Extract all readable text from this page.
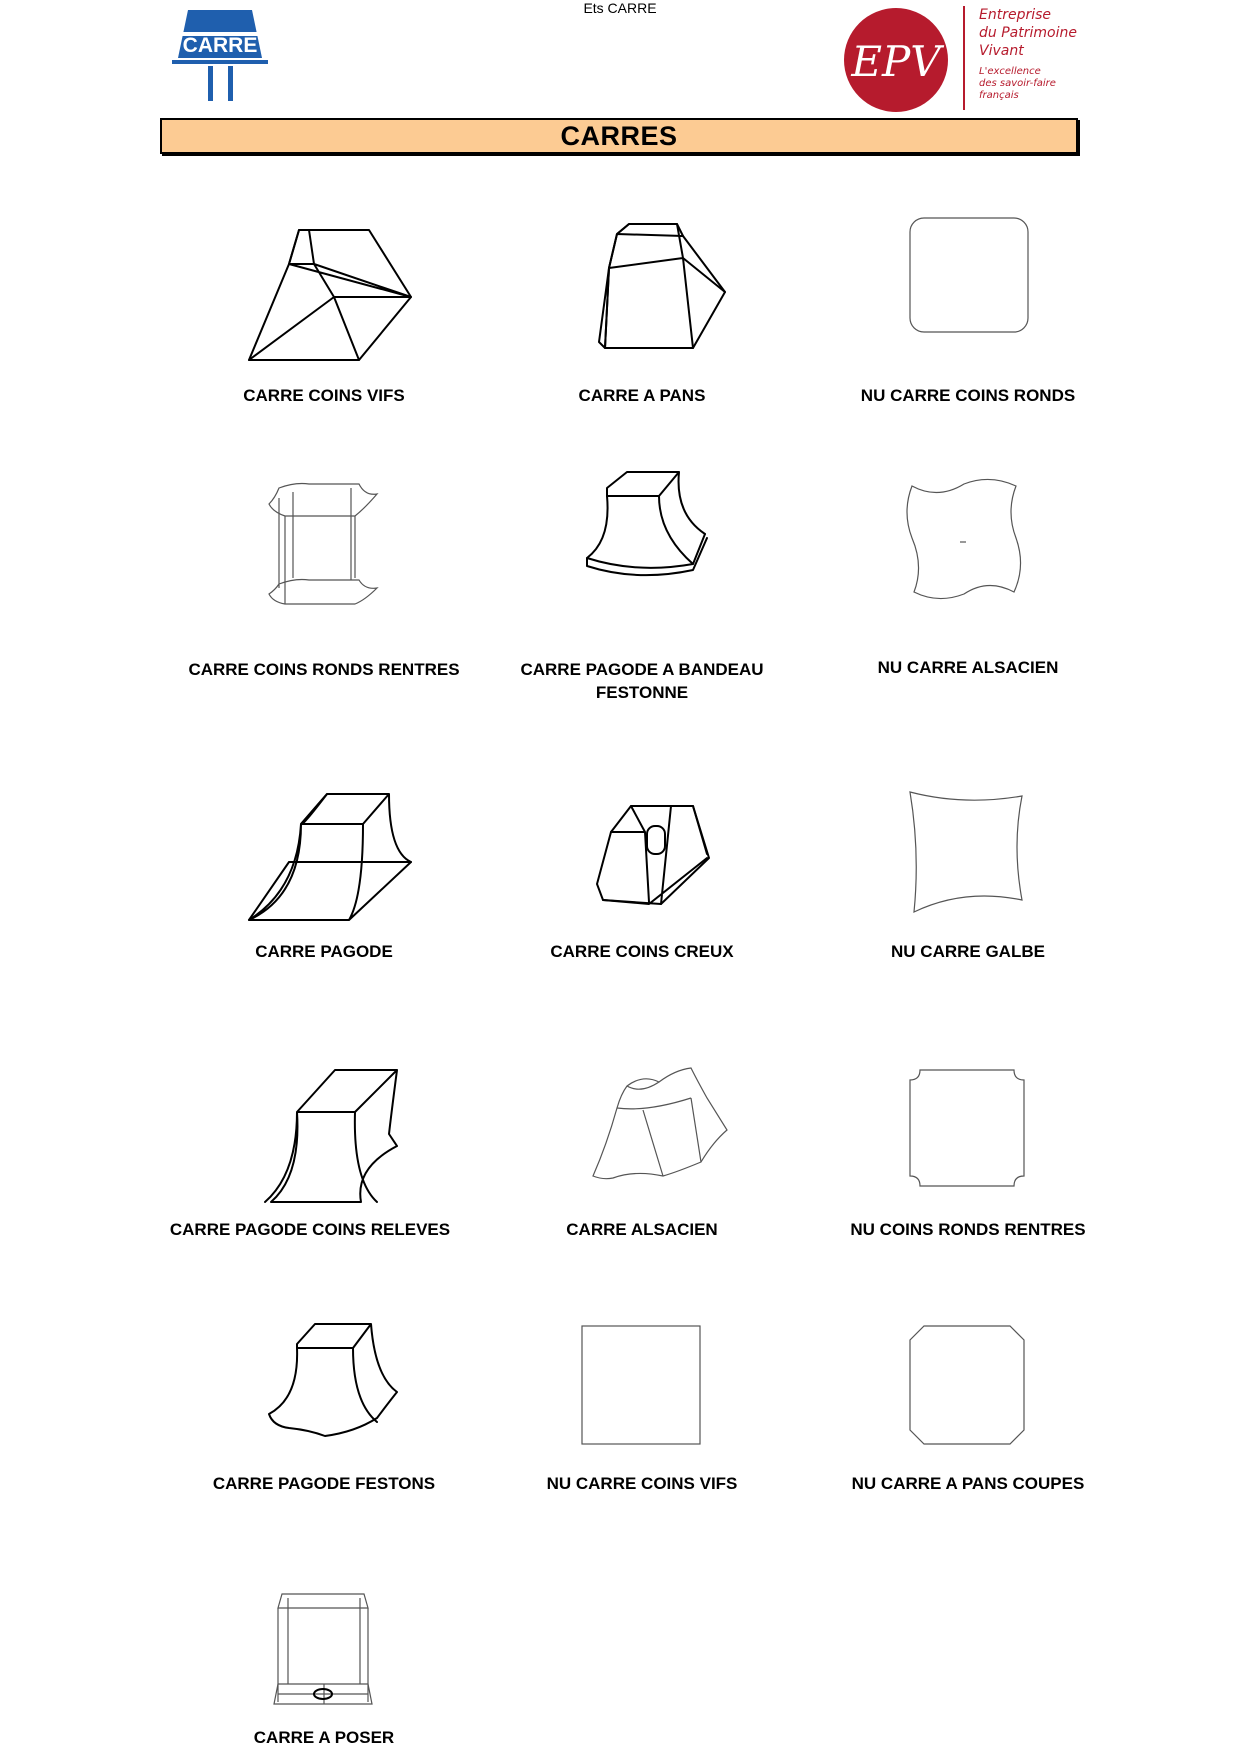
Ets CARRE
CARRE	EPV
Entreprise
du Patrimoine
Vivant
L'excellence
des savoir-faire
français
CARRES
CARRE COINS VIFS	CARRE A PANS	NU CARRE COINS RONDS
CARRE COINS RONDS RENTRES	CARRE PAGODE A BANDEAU FESTONNE
NU CARRE ALSACIEN
CARRE PAGODE	CARRE COINS CREUX	NU CARRE GALBE
CARRE PAGODE COINS RELEVES	CARRE ALSACIEN	NU COINS RONDS RENTRES
CARRE PAGODE FESTONS	NU CARRE COINS VIFS	NU CARRE A PANS COUPES
CARRE A POSER
